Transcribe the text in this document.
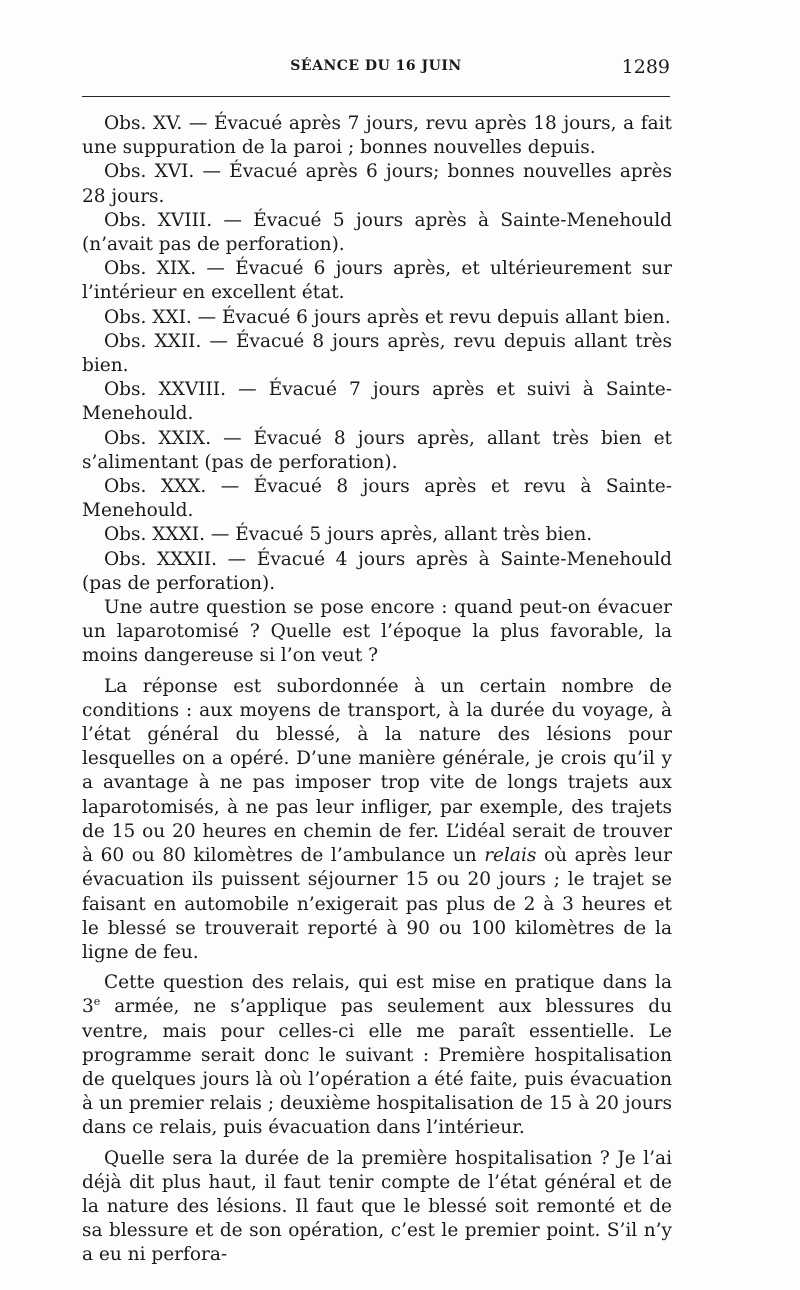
SÉANCE DU 16 JUIN	1289

Obs. XV. — Évacué après 7 jours, revu après 18 jours, a fait une suppuration de la paroi ; bonnes nouvelles depuis.

Obs. XVI. — Évacué après 6 jours; bonnes nouvelles après 28 jours.

Obs. XVIII. — Évacué 5 jours après à Sainte-Menehould (n’avait pas de perforation).

Obs. XIX. — Évacué 6 jours après, et ultérieurement sur l’intérieur en excellent état.

Obs. XXI. — Évacué 6 jours après et revu depuis allant bien.

Obs. XXII. — Évacué 8 jours après, revu depuis allant très bien.

Obs. XXVIII. — Évacué 7 jours après et suivi à Sainte-Menehould.

Obs. XXIX. — Évacué 8 jours après, allant très bien et s’alimentant (pas de perforation).

Obs. XXX. — Évacué 8 jours après et revu à Sainte-Menehould.

Obs. XXXI. — Évacué 5 jours après, allant très bien.

Obs. XXXII. — Évacué 4 jours après à Sainte-Menehould (pas de perforation).

Une autre question se pose encore : quand peut-on évacuer un laparotomisé ? Quelle est l’époque la plus favorable, la moins dangereuse si l’on veut ?

La réponse est subordonnée à un certain nombre de conditions : aux moyens de transport, à la durée du voyage, à l’état général du blessé, à la nature des lésions pour lesquelles on a opéré. D’une manière générale, je crois qu’il y a avantage à ne pas imposer trop vite de longs trajets aux laparotomisés, à ne pas leur infliger, par exemple, des trajets de 15 ou 20 heures en chemin de fer. L’idéal serait de trouver à 60 ou 80 kilomètres de l’ambulance un relais où après leur évacuation ils puissent séjourner 15 ou 20 jours ; le trajet se faisant en automobile n’exigerait pas plus de 2 à 3 heures et le blessé se trouverait reporté à 90 ou 100 kilomètres de la ligne de feu.

Cette question des relais, qui est mise en pratique dans la 3e armée, ne s’applique pas seulement aux blessures du ventre, mais pour celles-ci elle me paraît essentielle. Le programme serait donc le suivant : Première hospitalisation de quelques jours là où l’opération a été faite, puis évacuation à un premier relais ; deuxième hospitalisation de 15 à 20 jours dans ce relais, puis évacuation dans l’intérieur.

Quelle sera la durée de la première hospitalisation ? Je l’ai déjà dit plus haut, il faut tenir compte de l’état général et de la nature des lésions. Il faut que le blessé soit remonté et de sa blessure et de son opération, c’est le premier point. S’il n’y a eu ni perfora-
